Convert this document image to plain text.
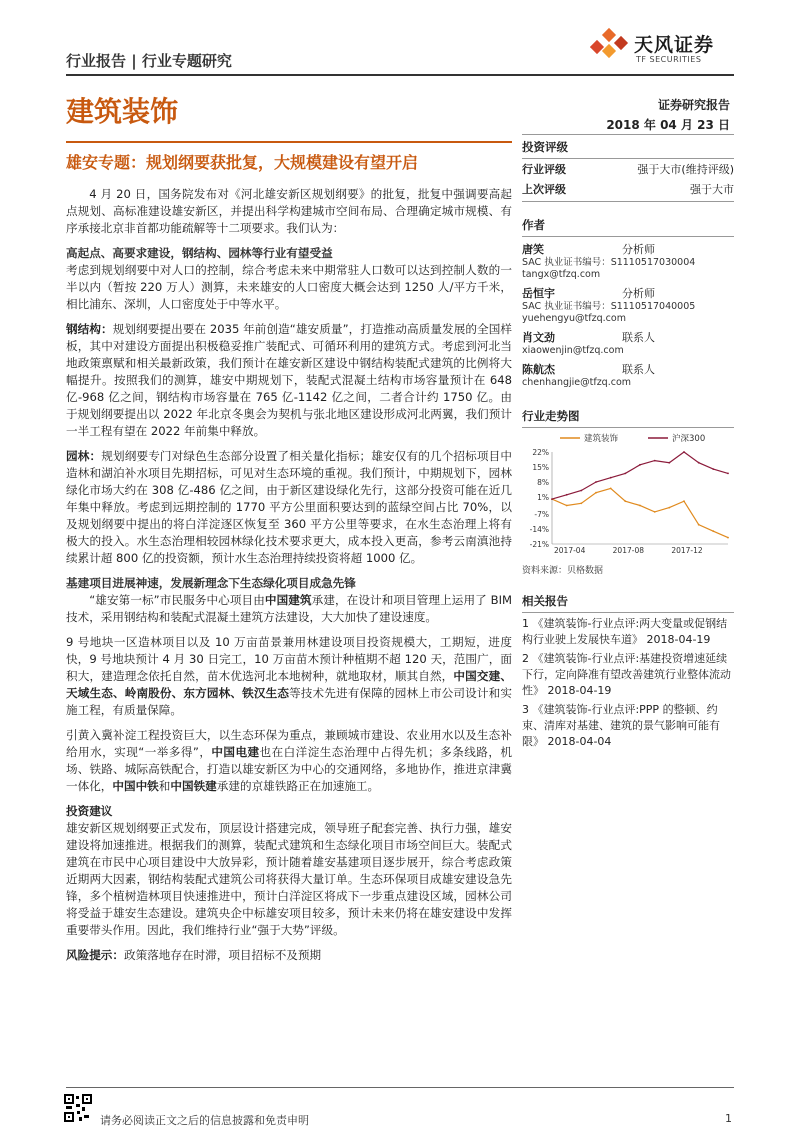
行业报告 | 行业专题研究
天风证券
TF SECURITIES
建筑装饰	证券研究报告
2018 年 04 月 23 日
雄安专题：规划纲要获批复，大规模建设有望开启

4 月 20 日，国务院发布对《河北雄安新区规划纲要》的批复，批复中强调要高起点规划、高标准建设雄安新区，并提出科学构建城市空间布局、合理确定城市规模、有序承接北京非首都功能疏解等十二项要求。我们认为：

高起点、高要求建设，钢结构、园林等行业有望受益

考虑到规划纲要中对人口的控制，综合考虑未来中期常驻人口数可以达到控制人数的一半以内（暂按 220 万人）测算，未来雄安的人口密度大概会达到 1250 人/平方千米，相比浦东、深圳，人口密度处于中等水平。

钢结构：规划纲要提出要在 2035 年前创造“雄安质量”，打造推动高质量发展的全国样板，其中对建设方面提出积极稳妥推广装配式、可循环利用的建筑方式。考虑到河北当地政策禀赋和相关最新政策，我们预计在雄安新区建设中钢结构装配式建筑的比例将大幅提升。按照我们的测算，雄安中期规划下，装配式混凝土结构市场容量预计在 648 亿-968 亿之间，钢结构市场容量在 765 亿-1142 亿之间，二者合计约 1750 亿。由于规划纲要提出以 2022 年北京冬奥会为契机与张北地区建设形成河北两翼，我们预计一半工程有望在 2022 年前集中释放。

园林：规划纲要专门对绿色生态部分设置了相关量化指标；雄安仅有的几个招标项目中造林和湖泊补水项目先期招标，可见对生态环境的重视。我们预计，中期规划下，园林绿化市场大约在 308 亿-486 亿之间，由于新区建设绿化先行，这部分投资可能在近几年集中释放。考虑到远期控制的 1770 平方公里面积要达到的蓝绿空间占比 70%，以及规划纲要中提出的将白洋淀逐区恢复至 360 平方公里等要求，在水生态治理上将有极大的投入。水生态治理相较园林绿化技术要求更大，成本投入更高，参考云南滇池持续累计超 800 亿的投资额，预计水生态治理持续投资将超 1000 亿。

基建项目进展神速，发展新理念下生态绿化项目成急先锋

“雄安第一标”市民服务中心项目由中国建筑承建，在设计和项目管理上运用了 BIM 技术，采用钢结构和装配式混凝土建筑方法建设，大大加快了建设速度。

9 号地块一区造林项目以及 10 万亩苗景兼用林建设项目投资规模大，工期短，进度快，9 号地块预计 4 月 30 日完工，10 万亩苗木预计种植期不超 120 天，范围广，面积大，建造理念依托自然，苗木优选河北本地树种，就地取材，顺其自然，中国交建、天域生态、岭南股份、东方园林、铁汉生态等技术先进有保障的园林上市公司设计和实施工程，有质量保障。

引黄入冀补淀工程投资巨大，以生态环保为重点，兼顾城市建设、农业用水以及生态补给用水，实现“一举多得”，中国电建也在白洋淀生态治理中占得先机；多条线路，机场、铁路、城际高铁配合，打造以雄安新区为中心的交通网络，多地协作，推进京津冀一体化，中国中铁和中国铁建承建的京雄铁路正在加速施工。

投资建议

雄安新区规划纲要正式发布，顶层设计搭建完成，领导班子配套完善、执行力强，雄安建设将加速推进。根据我们的测算，装配式建筑和生态绿化项目市场空间巨大。装配式建筑在市民中心项目建设中大放异彩，预计随着雄安基建项目逐步展开，综合考虑政策近期两大因素，钢结构装配式建筑公司将获得大量订单。生态环保项目成雄安建设急先锋，多个植树造林项目快速推进中，预计白洋淀区将成下一步重点建设区域，园林公司将受益于雄安生态建设。建筑央企中标雄安项目较多，预计未来仍将在雄安建设中发挥重要带头作用。因此，我们维持行业“强于大势”评级。

风险提示：政策落地存在时滞，项目招标不及预期

投资评级
行业评级	强于大市(维持评级)
上次评级	强于大市
作者
唐笑	分析师
SAC 执业证书编号：S1110517030004
tangx@tfzq.com
岳恒宇	分析师
SAC 执业证书编号：S1110517040005
yuehengyu@tfzq.com
肖文劲	联系人
xiaowenjin@tfzq.com
陈航杰	联系人
chenhangjie@tfzq.com
行业走势图
建筑装饰	沪深300
22%
15%
8%
1%
-7%
-14%
-21%
2017-04	2017-08	2017-12
资料来源：贝格数据
相关报告
1 《建筑装饰-行业点评:两大变量或促钢结构行业驶上发展快车道》 2018-04-19
2 《建筑装饰-行业点评:基建投资增速延续下行，定向降准有望改善建筑行业整体流动性》 2018-04-19
3 《建筑装饰-行业点评:PPP 的整顿、约束、清库对基建、建筑的景气影响可能有限》 2018-04-04
请务必阅读正文之后的信息披露和免责申明	1
